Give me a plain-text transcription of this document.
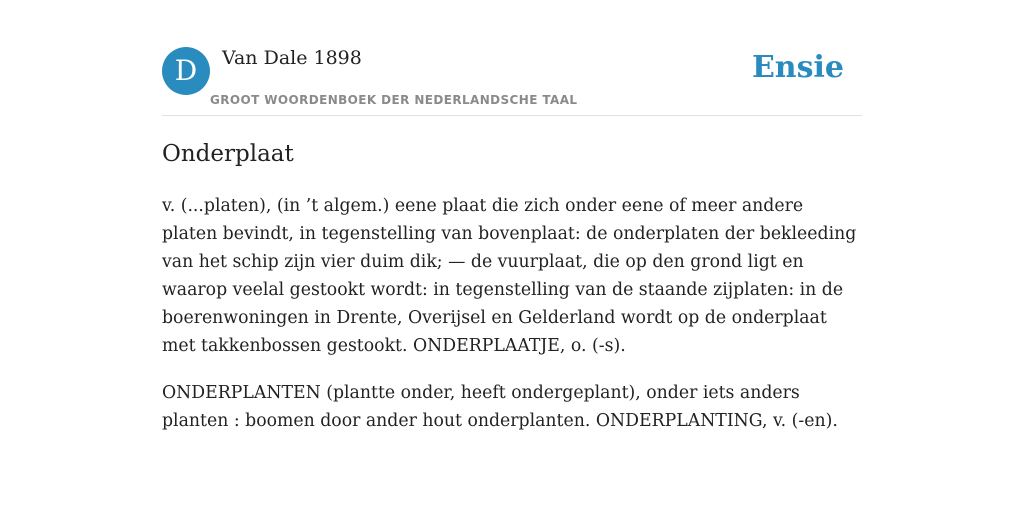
D	Van Dale 1898
GROOT WOORDENBOEK DER NEDERLANDSCHE TAAL
Ensie
Onderplaat

v. (...platen), (in ’t algem.) eene plaat die zich onder eene of meer andere platen bevindt, in tegenstelling van bovenplaat: de onderplaten der bekleeding van het schip zijn vier duim dik; — de vuurplaat, die op den grond ligt en waarop veelal gestookt wordt: in tegenstelling van de staande zijplaten: in de boerenwoningen in Drente, Overijsel en Gelderland wordt op de onderplaat met takkenbossen gestookt. ONDERPLAATJE, o. (-s).

ONDERPLANTEN (plantte onder, heeft ondergeplant), onder iets anders planten : boomen door ander hout onderplanten. ONDERPLANTING, v. (-en).
